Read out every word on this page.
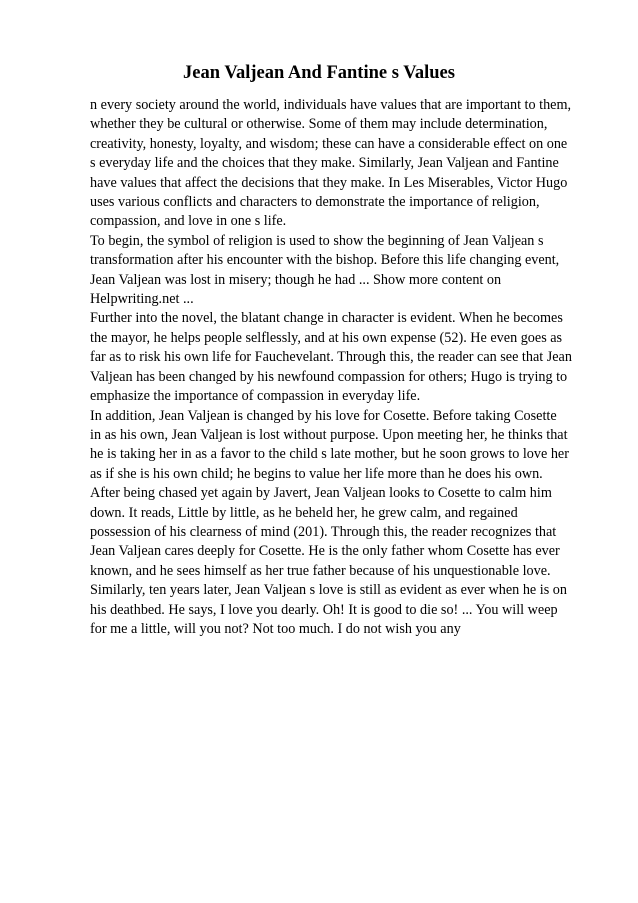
Jean Valjean And Fantine s Values
n every society around the world, individuals have values that are important to them,
whether they be cultural or otherwise. Some of them may include determination,
creativity, honesty, loyalty, and wisdom; these can have a considerable effect on one
s everyday life and the choices that they make. Similarly, Jean Valjean and Fantine
have values that affect the decisions that they make. In Les Miserables, Victor Hugo
uses various conflicts and characters to demonstrate the importance of religion,
compassion, and love in one s life.
To begin, the symbol of religion is used to show the beginning of Jean Valjean s
transformation after his encounter with the bishop. Before this life changing event,
Jean Valjean was lost in misery; though he had ... Show more content on
Helpwriting.net ...
Further into the novel, the blatant change in character is evident. When he becomes
the mayor, he helps people selflessly, and at his own expense (52). He even goes as
far as to risk his own life for Fauchevelant. Through this, the reader can see that Jean
Valjean has been changed by his newfound compassion for others; Hugo is trying to
emphasize the importance of compassion in everyday life.
In addition, Jean Valjean is changed by his love for Cosette. Before taking Cosette
in as his own, Jean Valjean is lost without purpose. Upon meeting her, he thinks that
he is taking her in as a favor to the child s late mother, but he soon grows to love her
as if she is his own child; he begins to value her life more than he does his own.
After being chased yet again by Javert, Jean Valjean looks to Cosette to calm him
down. It reads, Little by little, as he beheld her, he grew calm, and regained
possession of his clearness of mind (201). Through this, the reader recognizes that
Jean Valjean cares deeply for Cosette. He is the only father whom Cosette has ever
known, and he sees himself as her true father because of his unquestionable love.
Similarly, ten years later, Jean Valjean s love is still as evident as ever when he is on
his deathbed. He says, I love you dearly. Oh! It is good to die so! ... You will weep
for me a little, will you not? Not too much. I do not wish you any
